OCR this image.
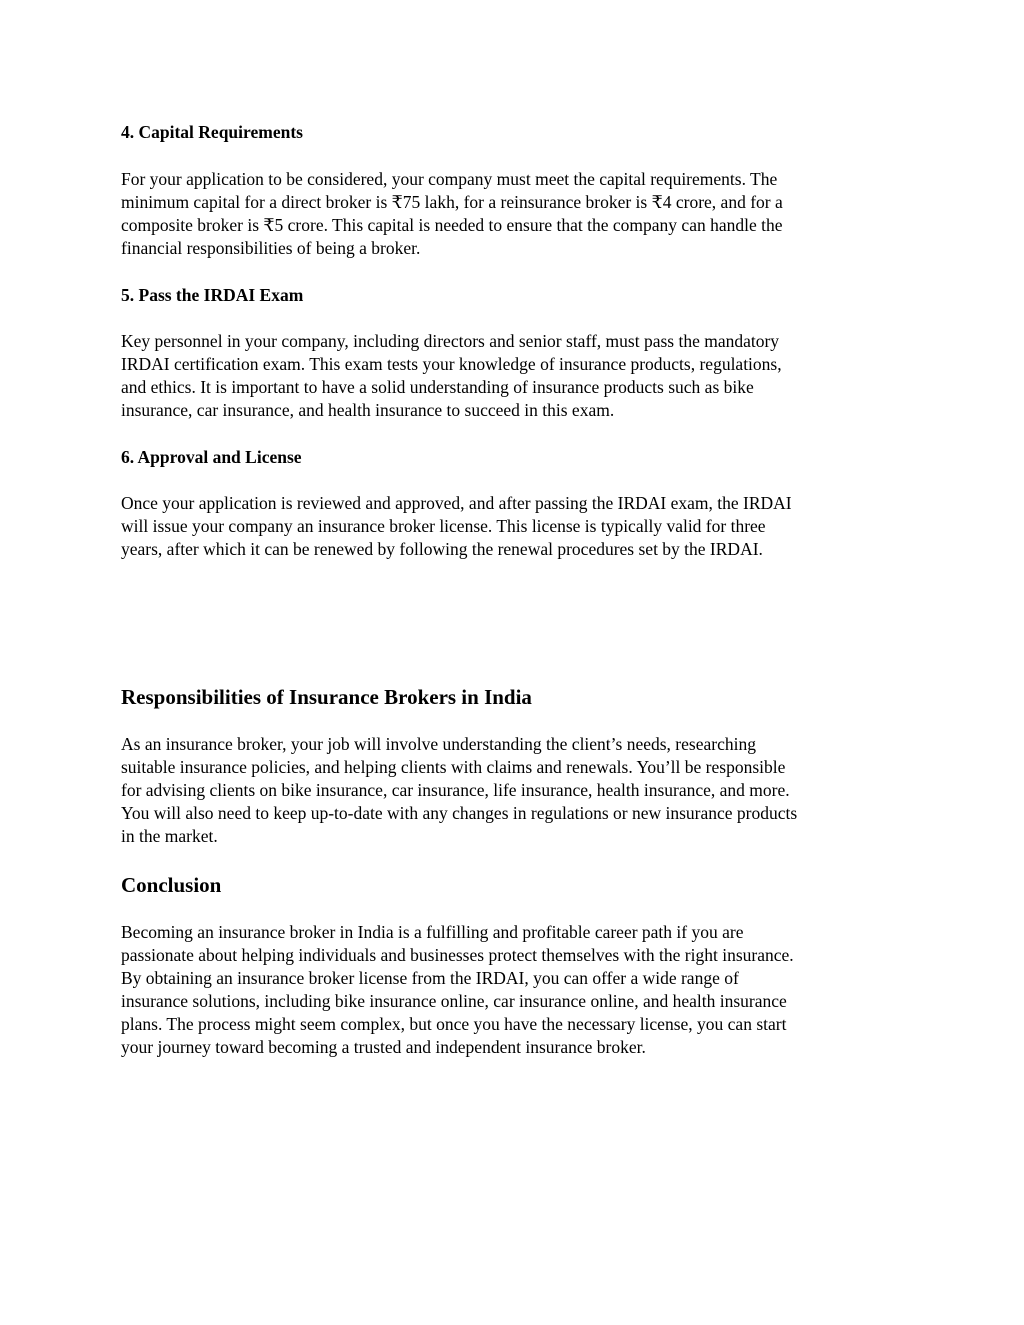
4. Capital Requirements

For your application to be considered, your company must meet the capital requirements. The
minimum capital for a direct broker is ₹75 lakh, for a reinsurance broker is ₹4 crore, and for a
composite broker is ₹5 crore. This capital is needed to ensure that the company can handle the
financial responsibilities of being a broker.

5. Pass the IRDAI Exam

Key personnel in your company, including directors and senior staff, must pass the mandatory
IRDAI certification exam. This exam tests your knowledge of insurance products, regulations,
and ethics. It is important to have a solid understanding of insurance products such as bike
insurance, car insurance, and health insurance to succeed in this exam.

6. Approval and License

Once your application is reviewed and approved, and after passing the IRDAI exam, the IRDAI
will issue your company an insurance broker license. This license is typically valid for three
years, after which it can be renewed by following the renewal procedures set by the IRDAI.

Responsibilities of Insurance Brokers in India

As an insurance broker, your job will involve understanding the client’s needs, researching
suitable insurance policies, and helping clients with claims and renewals. You’ll be responsible
for advising clients on bike insurance, car insurance, life insurance, health insurance, and more.
You will also need to keep up-to-date with any changes in regulations or new insurance products
in the market.

Conclusion

Becoming an insurance broker in India is a fulfilling and profitable career path if you are
passionate about helping individuals and businesses protect themselves with the right insurance.
By obtaining an insurance broker license from the IRDAI, you can offer a wide range of
insurance solutions, including bike insurance online, car insurance online, and health insurance
plans. The process might seem complex, but once you have the necessary license, you can start
your journey toward becoming a trusted and independent insurance broker.
